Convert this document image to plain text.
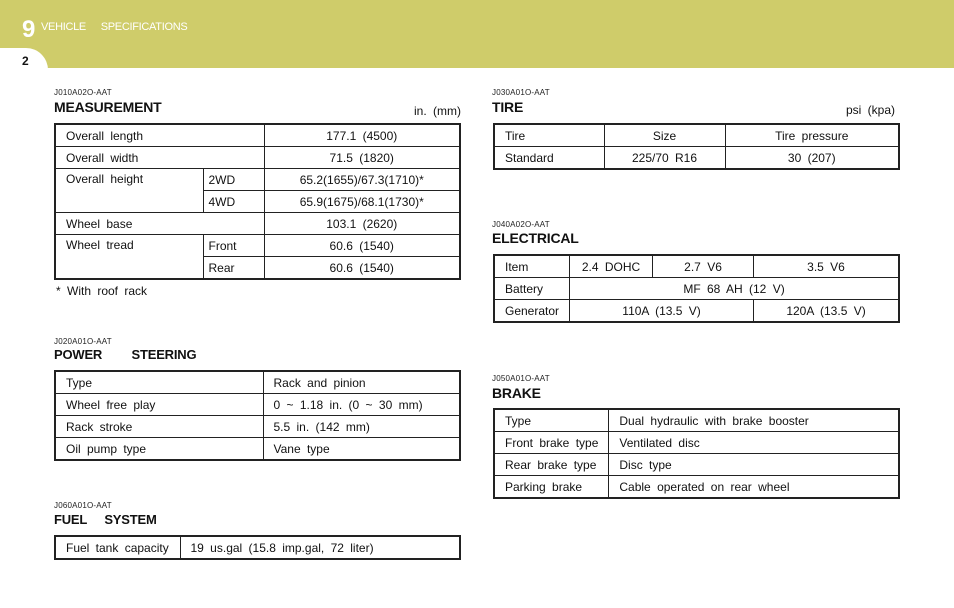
9 VEHICLE SPECIFICATIONS
2
J010A02O-AAT
MEASUREMENT	in. (mm)
Overall length		177.1 (4500)
Overall width		71.5 (1820)
Overall height	2WD	65.2(1655)/67.3(1710)*
	4WD	65.9(1675)/68.1(1730)*
Wheel base		103.1 (2620)
Wheel tread	Front	60.6 (1540)
	Rear	60.6 (1540)
* With roof rack
J020A01O-AAT
POWER STEERING
Type	Rack and pinion
Wheel free play	0 ~ 1.18 in. (0 ~ 30 mm)
Rack stroke	5.5 in. (142 mm)
Oil pump type	Vane type
J060A01O-AAT
FUEL SYSTEM
Fuel tank capacity	19 us.gal (15.8 imp.gal, 72 liter)
J030A01O-AAT
TIRE	psi (kpa)
Tire	Size	Tire pressure
Standard	225/70 R16	30 (207)
J040A02O-AAT
ELECTRICAL
Item	2.4 DOHC	2.7 V6	3.5 V6
Battery	MF 68 AH (12 V)		
Generator	110A (13.5 V)		120A (13.5 V)
J050A01O-AAT
BRAKE
Type	Dual hydraulic with brake booster
Front brake type	Ventilated disc
Rear brake type	Disc type
Parking brake	Cable operated on rear wheel
